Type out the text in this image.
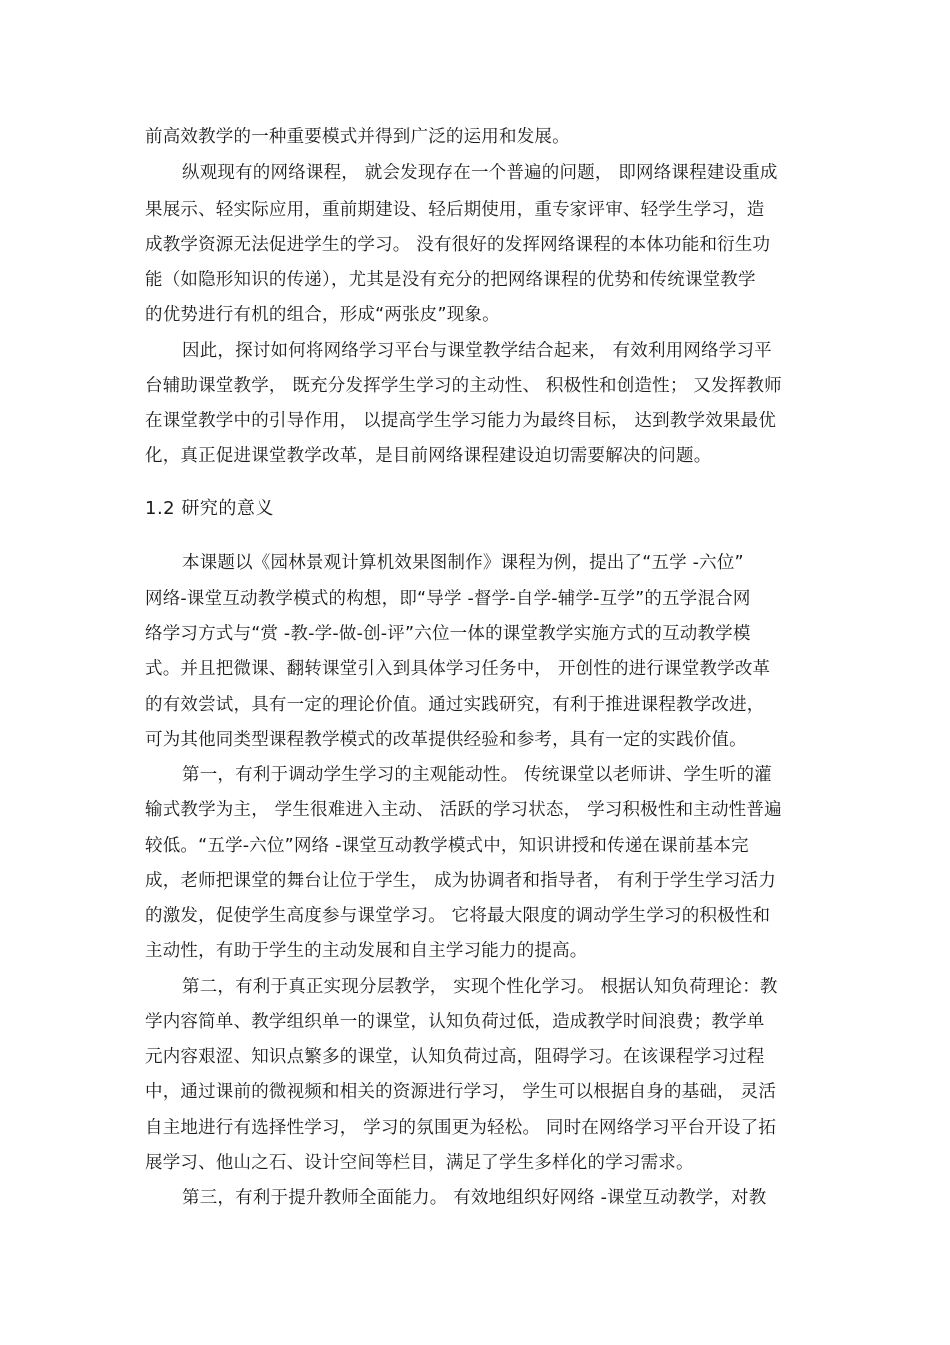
前高效教学的一种重要模式并得到广泛的运用和发展。
纵观现有的网络课程， 就会发现存在一个普遍的问题， 即网络课程建设重成
果展示、轻实际应用，重前期建设、轻后期使用，重专家评审、轻学生学习，造
成教学资源无法促进学生的学习。 没有很好的发挥网络课程的本体功能和衍生功
能（如隐形知识的传递），尤其是没有充分的把网络课程的优势和传统课堂教学
的优势进行有机的组合，形成“两张皮”现象。
因此，探讨如何将网络学习平台与课堂教学结合起来， 有效利用网络学习平
台辅助课堂教学， 既充分发挥学生学习的主动性、 积极性和创造性； 又发挥教师
在课堂教学中的引导作用， 以提高学生学习能力为最终目标， 达到教学效果最优
化，真正促进课堂教学改革，是目前网络课程建设迫切需要解决的问题。
1.2 研究的意义
本课题以《园林景观计算机效果图制作》课程为例，提出了“五学 -六位”
网络-课堂互动教学模式的构想，即“导学 -督学-自学-辅学-互学”的五学混合网
络学习方式与“赏 -教-学-做-创-评”六位一体的课堂教学实施方式的互动教学模
式。并且把微课、翻转课堂引入到具体学习任务中， 开创性的进行课堂教学改革
的有效尝试，具有一定的理论价值。通过实践研究，有利于推进课程教学改进，
可为其他同类型课程教学模式的改革提供经验和参考，具有一定的实践价值。
第一，有利于调动学生学习的主观能动性。 传统课堂以老师讲、学生听的灌
输式教学为主， 学生很难进入主动、 活跃的学习状态， 学习积极性和主动性普遍
较低。“五学-六位”网络 -课堂互动教学模式中，知识讲授和传递在课前基本完
成，老师把课堂的舞台让位于学生， 成为协调者和指导者， 有利于学生学习活力
的激发，促使学生高度参与课堂学习。 它将最大限度的调动学生学习的积极性和
主动性，有助于学生的主动发展和自主学习能力的提高。
第二，有利于真正实现分层教学， 实现个性化学习。 根据认知负荷理论：教
学内容简单、教学组织单一的课堂，认知负荷过低，造成教学时间浪费；教学单
元内容艰涩、知识点繁多的课堂，认知负荷过高，阻碍学习。在该课程学习过程
中，通过课前的微视频和相关的资源进行学习， 学生可以根据自身的基础， 灵活
自主地进行有选择性学习， 学习的氛围更为轻松。 同时在网络学习平台开设了拓
展学习、他山之石、设计空间等栏目，满足了学生多样化的学习需求。
第三，有利于提升教师全面能力。 有效地组织好网络 -课堂互动教学，对教
